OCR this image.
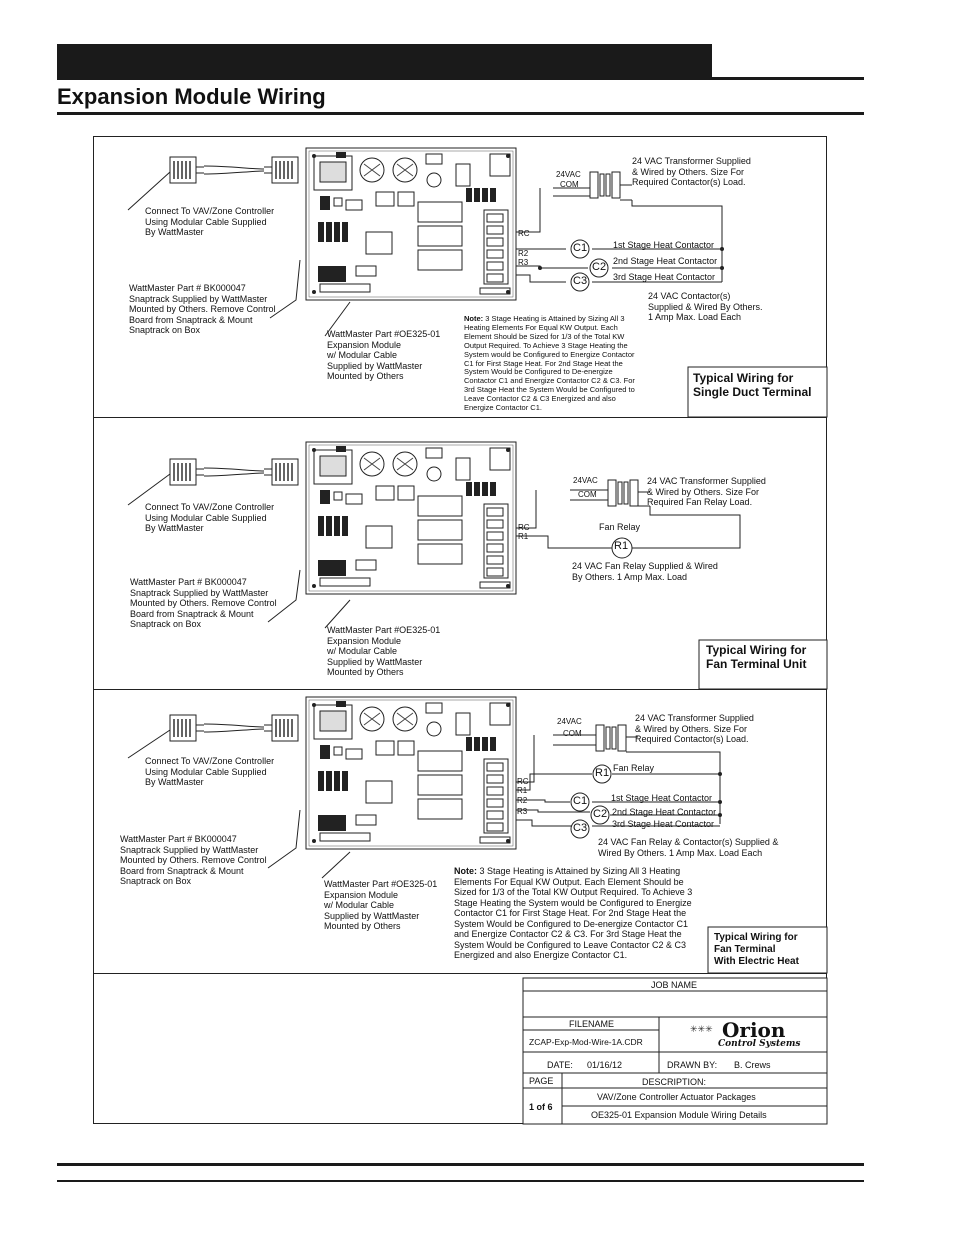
Expansion Module Wiring
Connect To VAV/Zone Controller
Using Modular Cable Supplied
By WattMaster
WattMaster Part # BK000047
Snaptrack Supplied by WattMaster
Mounted by Others. Remove Control
Board from Snaptrack & Mount
Snaptrack on Box	WattMaster Part #OE325-01
Expansion Module
w/ Modular Cable
Supplied by WattMaster
Mounted by Others
24 VAC Transformer Supplied
& Wired by Others. Size For
Required Contactor(s) Load.
24VAC
COM
RC
R2
R3
C1
C2
C3
1st Stage Heat Contactor
2nd Stage Heat Contactor
3rd Stage Heat Contactor
24 VAC Contactor(s)
Supplied & Wired By Others.
1 Amp Max. Load Each
Note: 3 Stage Heating is Attained by Sizing All 3
Heating Elements For Equal KW Output. Each
Element Should be Sized for 1/3 of the Total KW
Output Required. To Achieve 3 Stage Heating the
System would be Configured to Energize Contactor
C1 for First Stage Heat. For 2nd Stage Heat the
System Would be Configured to De-energize
Contactor C1 and Energize Contactor C2 & C3. For
3rd Stage Heat the System Would be Configured to
Leave Contactor C2 & C3 Energized and also
Energize Contactor C1.
Typical Wiring for
Single Duct Terminal
Connect To VAV/Zone Controller
Using Modular Cable Supplied
By WattMaster
WattMaster Part # BK000047
Snaptrack Supplied by WattMaster
Mounted by Others. Remove Control
Board from Snaptrack & Mount
Snaptrack on Box
WattMaster Part #OE325-01
Expansion Module
w/ Modular Cable
Supplied by WattMaster
Mounted by Others
24 VAC Transformer Supplied
& Wired by Others. Size For
Required Fan Relay Load.
24VAC
COM
RC
R1
Fan Relay
R1
24 VAC Fan Relay Supplied & Wired
By Others. 1 Amp Max. Load
Typical Wiring for
Fan Terminal Unit
Connect To VAV/Zone Controller
Using Modular Cable Supplied
By WattMaster
WattMaster Part # BK000047
Snaptrack Supplied by WattMaster
Mounted by Others. Remove Control
Board from Snaptrack & Mount
Snaptrack on Box	WattMaster Part #OE325-01
Expansion Module
w/ Modular Cable
Supplied by WattMaster
Mounted by Others
24 VAC Transformer Supplied
& Wired by Others. Size For
Required Contactor(s) Load.
24VAC
COM
RC
R1
R2
R3
R1 Fan Relay
C1
C2
C3
1st Stage Heat Contactor
2nd Stage Heat Contactor
3rd Stage Heat Contactor
24 VAC Fan Relay & Contactor(s) Supplied &
Wired By Others. 1 Amp Max. Load Each
Note: 3 Stage Heating is Attained by Sizing All 3 Heating
Elements For Equal KW Output. Each Element Should be
Sized for 1/3 of the Total KW Output Required. To Achieve 3
Stage Heating the System would be Configured to Energize
Contactor C1 for First Stage Heat. For 2nd Stage Heat the
System Would be Configured to De-energize Contactor C1
and Energize Contactor C2 & C3. For 3rd Stage Heat the
System Would be Configured to Leave Contactor C2 & C3
Energized and also Energize Contactor C1.
Typical Wiring for
Fan Terminal
With Electric Heat
JOB NAME
FILENAME
ZCAP-Exp-Mod-Wire-1A.CDR
DATE: 01/16/12	DRAWN BY: B. Crews
PAGE	DESCRIPTION:
1 of 6
VAV/Zone Controller Actuator Packages
OE325-01 Expansion Module Wiring Details
✳✳✳ Orion
Control Systems
